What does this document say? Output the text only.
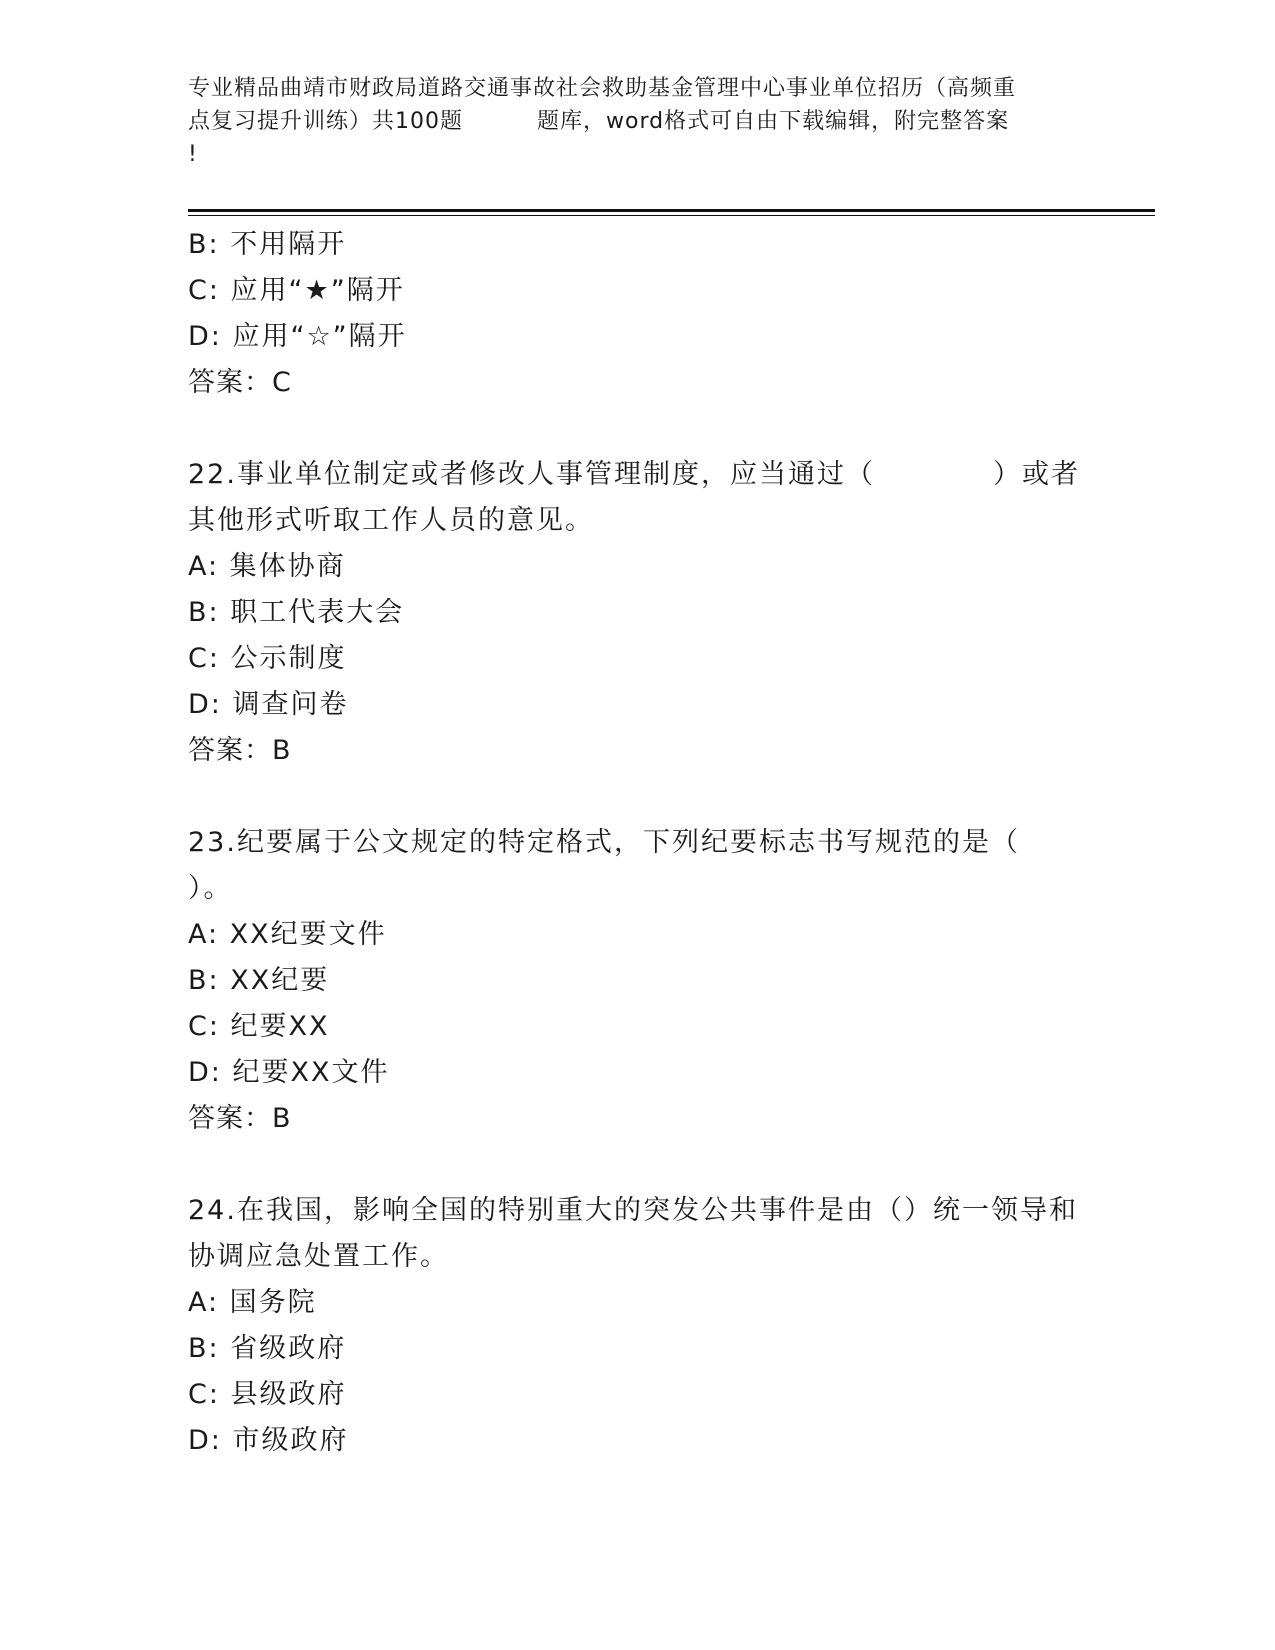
专业精品曲靖市财政局道路交通事故社会救助基金管理中心事业单位招历（高频重
点复习提升训练）共100题	题库，word格式可自由下载编辑，附完整答案
!
B: 不用隔开
C: 应用“★”隔开
D: 应用“☆”隔开
答案：C
22.事业单位制定或者修改人事管理制度，应当通过（	）或者
其他形式听取工作人员的意见。
A: 集体协商
B: 职工代表大会
C: 公示制度
D: 调查问卷
答案：B
23.纪要属于公文规定的特定格式，下列纪要标志书写规范的是（
）。
A: XX纪要文件
B: XX纪要
C: 纪要XX
D: 纪要XX文件
答案：B
24.在我国，影响全国的特别重大的突发公共事件是由（）统一领导和
协调应急处置工作。
A: 国务院
B: 省级政府
C: 县级政府
D: 市级政府
